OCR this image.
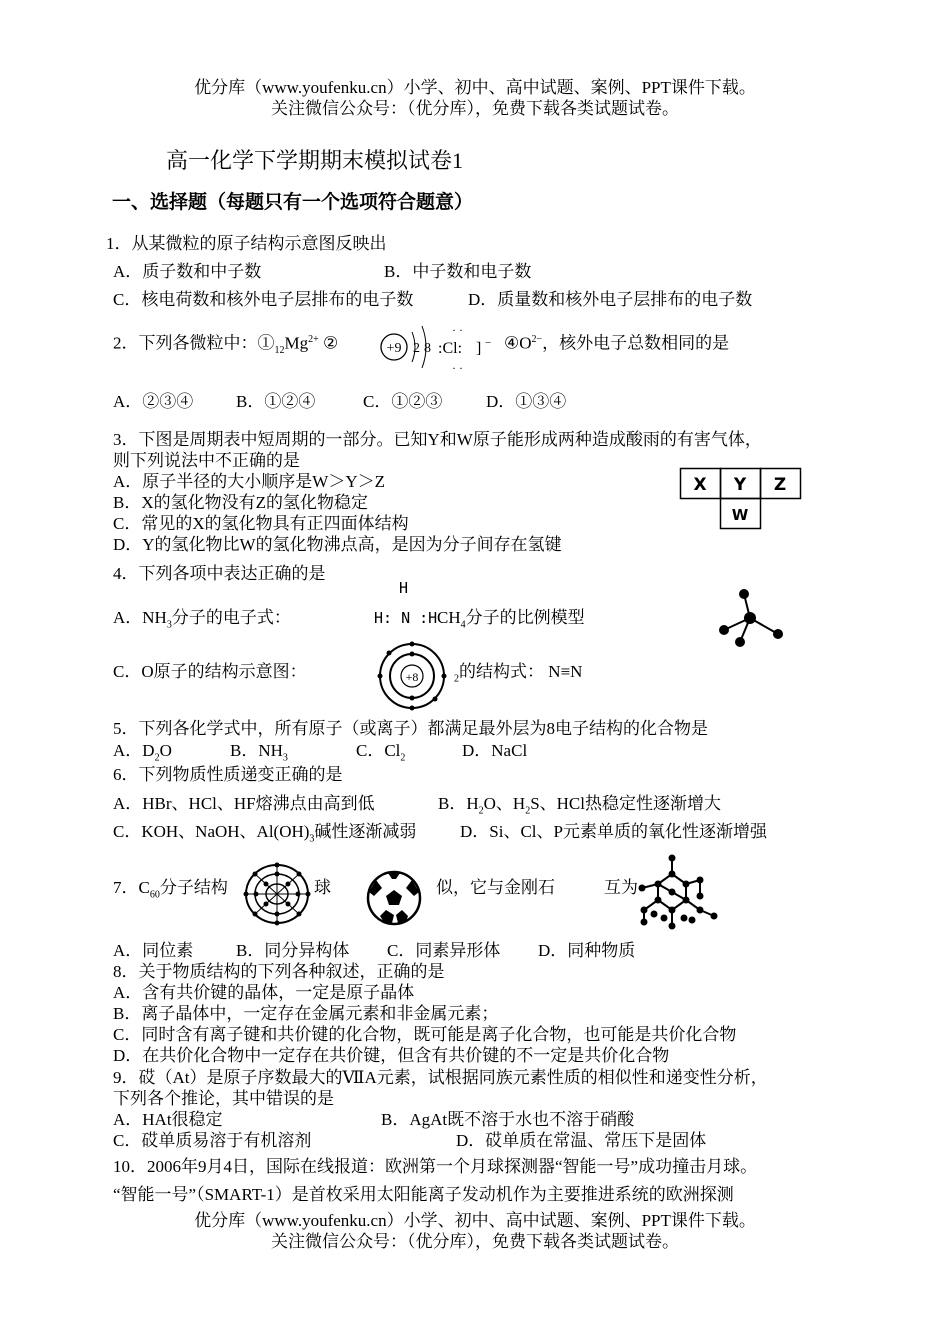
优分库（www.youfenku.cn）小学、初中、高中试题、案例、PPT课件下载。
关注微信公众号：（优分库），免费下载各类试题试卷。
高一化学下学期期末模拟试卷1
一、选择题（每题只有一个选项符合题意）
1．从某微粒的原子结构示意图反映出
A．质子数和中子数	B．中子数和电子数
C．核电荷数和核外电子层排布的电子数	D．质量数和核外电子层排布的电子数
2．下列各微粒中：$①_{12}Mg^{2+}$ ②	+9 2 8 :Cl:
· ·
· ·
] − $④O^{2-}$，核外电子总数相同的是
A．②③④	B．①②④	C．①②③	D．①③④
3．下图是周期表中短周期的一部分。已知Y和W原子能形成两种造成酸雨的有害气体，
则下列说法中不正确的是
A．原子半径的大小顺序是W＞Y＞Z
B．X的氢化物没有Z的氢化物稳定
C．常见的X的氢化物具有正四面体结构
D．Y的氢化物比W的氢化物沸点高，是因为分子间存在氢键
X Y Z
W
4．下列各项中表达正确的是
A．$NH_3$分子的电子式：
H
H: N :H $CH_4$分子的比例模型
C．O原子的结构示意图：	+8	$_2$的结构式： N≡N
5．下列各化学式中，所有原子（或离子）都满足最外层为8电子结构的化合物是
A．$D_2O$	B．$NH_3$	C．$Cl_2$	D．NaCl
6．下列物质性质递变正确的是
A．HBr、HCl、HF熔沸点由高到低	B．$H_2O$、$H_2S$、HCl热稳定性逐渐增大
C．KOH、NaOH、$Al(OH)_3$碱性逐渐减弱	D．Si、Cl、P元素单质的氧化性逐渐增强
7．$C_{60}$分子结构	球	似，它与金刚石	互为
A．同位素	B．同分异构体 C．同素异形体 D．同种物质
8．关于物质结构的下列各种叙述，正确的是
A．含有共价键的晶体，一定是原子晶体
B．离子晶体中，一定存在金属元素和非金属元素；
C．同时含有离子键和共价键的化合物，既可能是离子化合物，也可能是共价化合物
D．在共价化合物中一定存在共价键，但含有共价键的不一定是共价化合物
9．砹（At）是原子序数最大的ⅦA元素，试根据同族元素性质的相似性和递变性分析，
下列各个推论，其中错误的是
A．HAt很稳定	B．AgAt既不溶于水也不溶于硝酸
C．砹单质易溶于有机溶剂	D．砹单质在常温、常压下是固体
10．2006年9月4日，国际在线报道：欧洲第一个月球探测器“智能一号”成功撞击月球。
“智能一号”（SMART-1）是首枚采用太阳能离子发动机作为主要推进系统的欧洲探测
优分库（www.youfenku.cn）小学、初中、高中试题、案例、PPT课件下载。
关注微信公众号：（优分库），免费下载各类试题试卷。
